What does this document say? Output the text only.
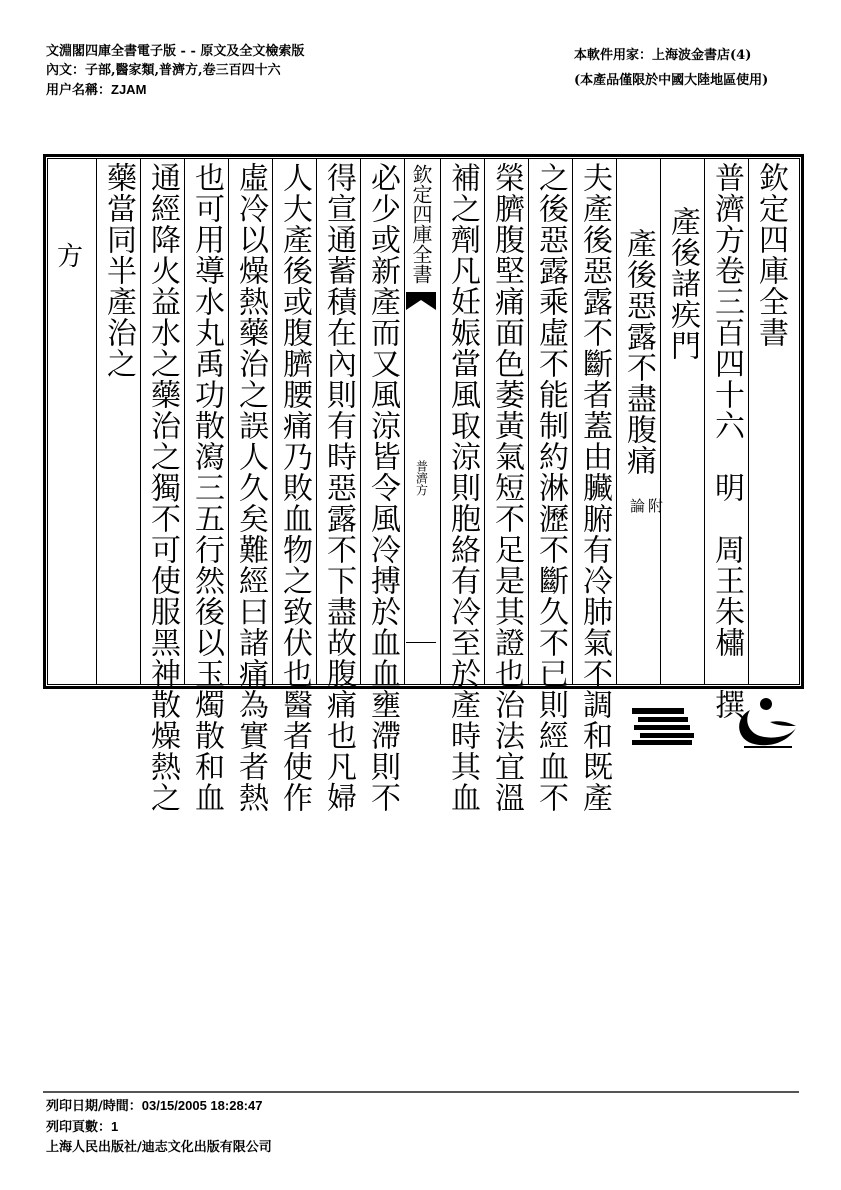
文淵閣四庫全書電子版 - - 原文及全文檢索版
內文：子部,醫家類,普濟方,卷三百四十六
用户名稱：ZJAM
本軟件用家：上海波金書店(4)
(本產品僅限於中國大陸地區使用)
欽定四庫全書
普濟方卷三百四十六　明　周王朱橚　撰
產後諸疾門
產後惡露不盡腹痛
附論
夫產後惡露不斷者蓋由臟腑有冷肺氣不調和既產
之後惡露乘虛不能制約淋瀝不斷久不已則經血不
榮臍腹堅痛面色萎黃氣短不足是其證也治法宜溫
補之劑凡妊娠當風取涼則胞絡有冷至於產時其血
必少或新產而又風涼皆令風冷搏於血血壅滯則不
得宣通蓄積在內則有時惡露不下盡故腹痛也凡婦
人大產後或腹臍腰痛乃敗血物之致伏也醫者使作
虛冷以燥熱藥治之誤人久矣難經曰諸痛為實者熱
也可用導水丸禹功散瀉三五行然後以玉燭散和血
通經降火益水之藥治之獨不可使服黑神散燥熱之
藥當同半產治之	欽定四庫全書
普濟方
方
列印日期/時間：03/15/2005 18:28:47
列印頁數：1
上海人民出版社/迪志文化出版有限公司
